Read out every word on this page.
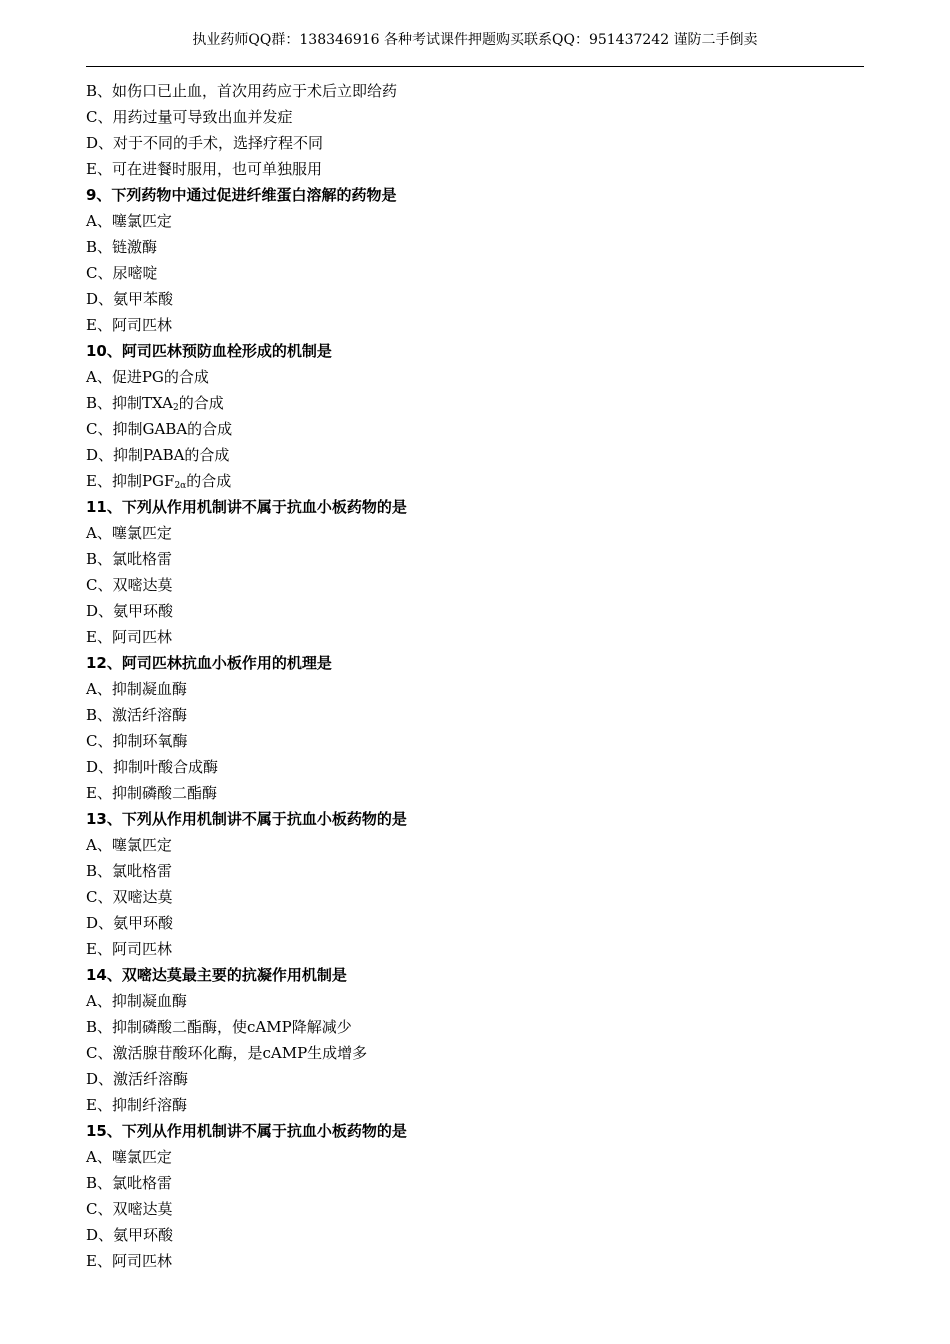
执业药师QQ群：138346916 各种考试课件押题购买联系QQ：951437242 谨防二手倒卖
B、如伤口已止血，首次用药应于术后立即给药
C、用药过量可导致出血并发症
D、对于不同的手术，选择疗程不同
E、可在进餐时服用，也可单独服用
9、下列药物中通过促进纤维蛋白溶解的药物是
A、噻氯匹定
B、链激酶
C、尿嘧啶
D、氨甲苯酸
E、阿司匹林
10、阿司匹林预防血栓形成的机制是
A、促进PG的合成
B、抑制$TXA_2$的合成
C、抑制GABA的合成
D、抑制PABA的合成
E、抑制$PGF_{2\alpha}$的合成
11、下列从作用机制讲不属于抗血小板药物的是
A、噻氯匹定
B、氯吡格雷
C、双嘧达莫
D、氨甲环酸
E、阿司匹林
12、阿司匹林抗血小板作用的机理是
A、抑制凝血酶
B、激活纤溶酶
C、抑制环氧酶
D、抑制叶酸合成酶
E、抑制磷酸二酯酶
13、下列从作用机制讲不属于抗血小板药物的是
A、噻氯匹定
B、氯吡格雷
C、双嘧达莫
D、氨甲环酸
E、阿司匹林
14、双嘧达莫最主要的抗凝作用机制是
A、抑制凝血酶
B、抑制磷酸二酯酶，使cAMP降解减少
C、激活腺苷酸环化酶，是cAMP生成增多
D、激活纤溶酶
E、抑制纤溶酶
15、下列从作用机制讲不属于抗血小板药物的是
A、噻氯匹定
B、氯吡格雷
C、双嘧达莫
D、氨甲环酸
E、阿司匹林
